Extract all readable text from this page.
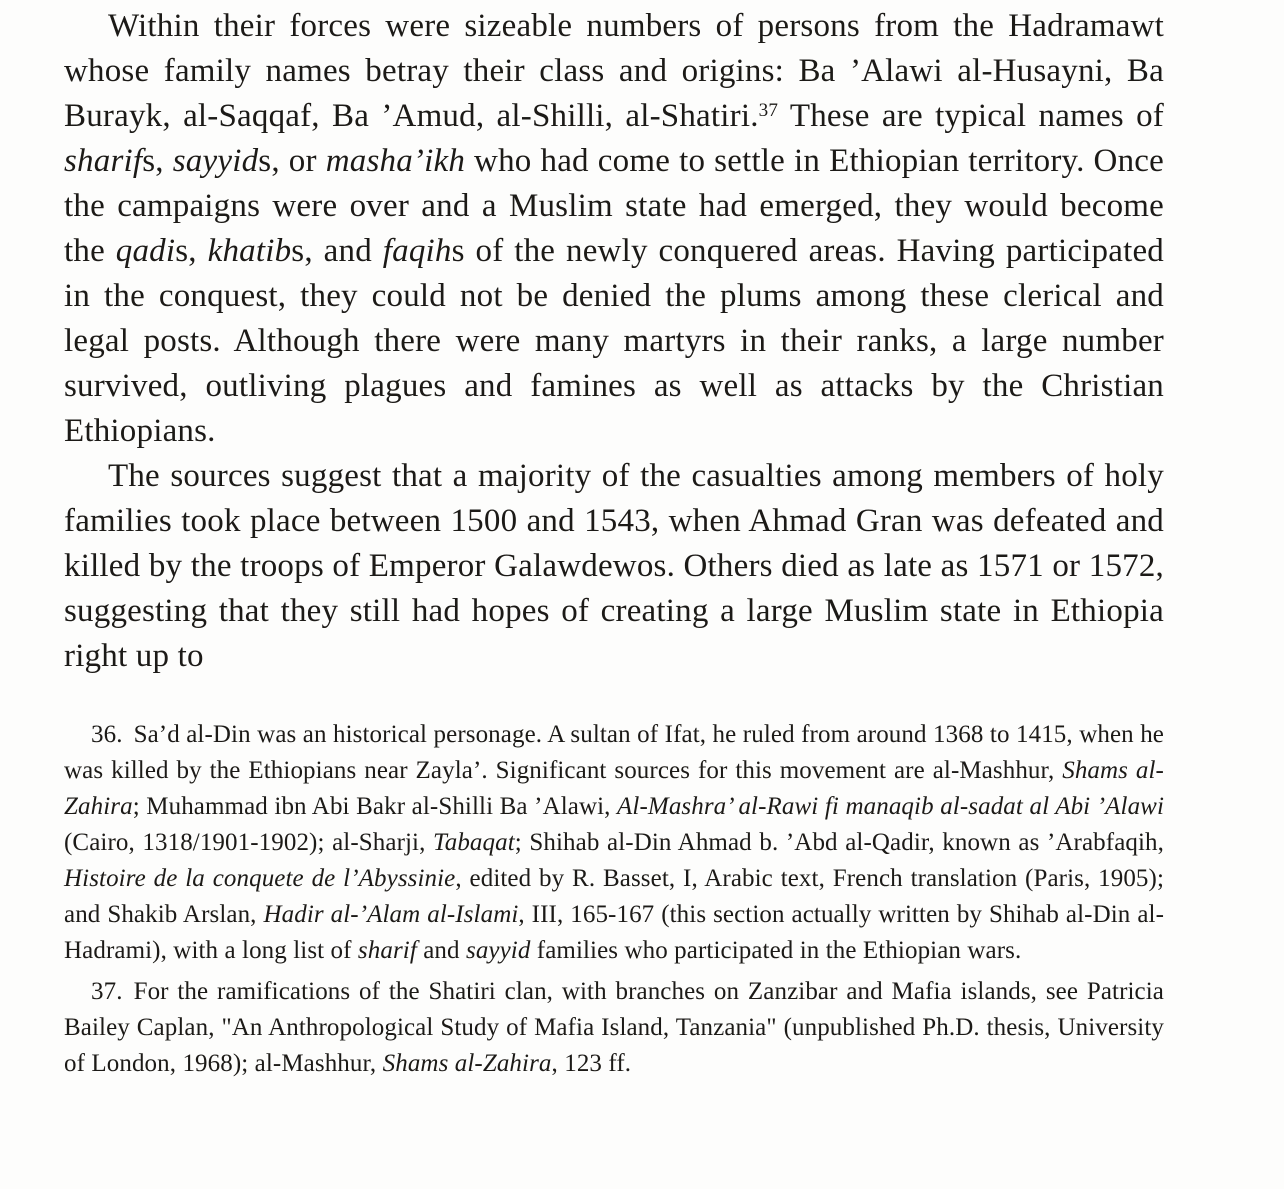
Within their forces were sizeable numbers of persons from the Hadramawt whose family names betray their class and origins: Ba ’Alawi al-Husayni, Ba Burayk, al-Saqqaf, Ba ’Amud, al-Shilli, al-Shatiri.$^{37}$ These are typical names of sharifs, sayyids, or masha’ikh who had come to settle in Ethiopian territory. Once the campaigns were over and a Muslim state had emerged, they would become the qadis, khatibs, and faqihs of the newly conquered areas. Having participated in the conquest, they could not be denied the plums among these clerical and legal posts. Although there were many martyrs in their ranks, a large number survived, outliving plagues and famines as well as attacks by the Christian Ethiopians.

The sources suggest that a majority of the casualties among members of holy families took place between 1500 and 1543, when Ahmad Gran was defeated and killed by the troops of Emperor Galawdewos. Others died as late as 1571 or 1572, suggesting that they still had hopes of creating a large Muslim state in Ethiopia right up to

36. Sa’d al-Din was an historical personage. A sultan of Ifat, he ruled from around 1368 to 1415, when he was killed by the Ethiopians near Zayla’. Significant sources for this movement are al-Mashhur, Shams al-Zahira; Muhammad ibn Abi Bakr al-Shilli Ba ’Alawi, Al-Mashra’ al-Rawi fi manaqib al-sadat al Abi ’Alawi (Cairo, 1318/1901-1902); al-Sharji, Tabaqat; Shihab al-Din Ahmad b. ’Abd al-Qadir, known as ’Arabfaqih, Histoire de la conquete de l’Abyssinie, edited by R. Basset, I, Arabic text, French translation (Paris, 1905); and Shakib Arslan, Hadir al-’Alam al-Islami, III, 165-167 (this section actually written by Shihab al-Din al-Hadrami), with a long list of sharif and sayyid families who participated in the Ethiopian wars.

37. For the ramifications of the Shatiri clan, with branches on Zanzibar and Mafia islands, see Patricia Bailey Caplan, "An Anthropological Study of Mafia Island, Tanzania" (unpublished Ph.D. thesis, University of London, 1968); al-Mashhur, Shams al-Zahira, 123 ff.
